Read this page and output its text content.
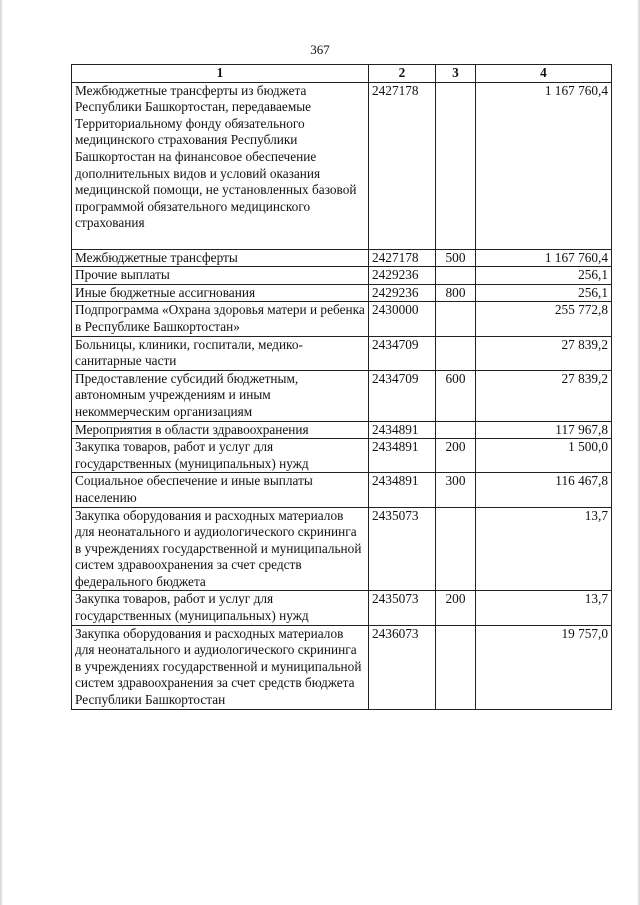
367
1	2	3	4
Межбюджетные трансферты из бюджета Республики Башкортостан, передаваемые Территориальному фонду обязательного медицинского страхования Республики Башкортостан на финансовое обеспечение дополнительных видов и условий оказания медицинской помощи, не установленных базовой программой обязательного медицинского страхования	2427178		1 167 760,4
Межбюджетные трансферты	2427178	500	1 167 760,4
Прочие выплаты	2429236		256,1
Иные бюджетные ассигнования	2429236	800	256,1
Подпрограмма «Охрана здоровья матери и ребенка в Республике Башкортостан»	2430000		255 772,8
Больницы, клиники, госпитали, медико-санитарные части	2434709		27 839,2
Предоставление субсидий бюджетным, автономным учреждениям и иным некоммерческим организациям	2434709	600	27 839,2
Мероприятия в области здравоохранения	2434891		117 967,8
Закупка товаров, работ и услуг для государственных (муниципальных) нужд	2434891	200	1 500,0
Социальное обеспечение и иные выплаты населению	2434891	300	116 467,8
Закупка оборудования и расходных материалов для неонатального и аудиологического скрининга в учреждениях государственной и муниципальной систем здравоохранения за счет средств федерального бюджета	2435073		13,7
Закупка товаров, работ и услуг для государственных (муниципальных) нужд	2435073	200	13,7
Закупка оборудования и расходных материалов для неонатального и аудиологического скрининга в учреждениях государственной и муниципальной систем здравоохранения за счет средств бюджета Республики Башкортостан	2436073		19 757,0
